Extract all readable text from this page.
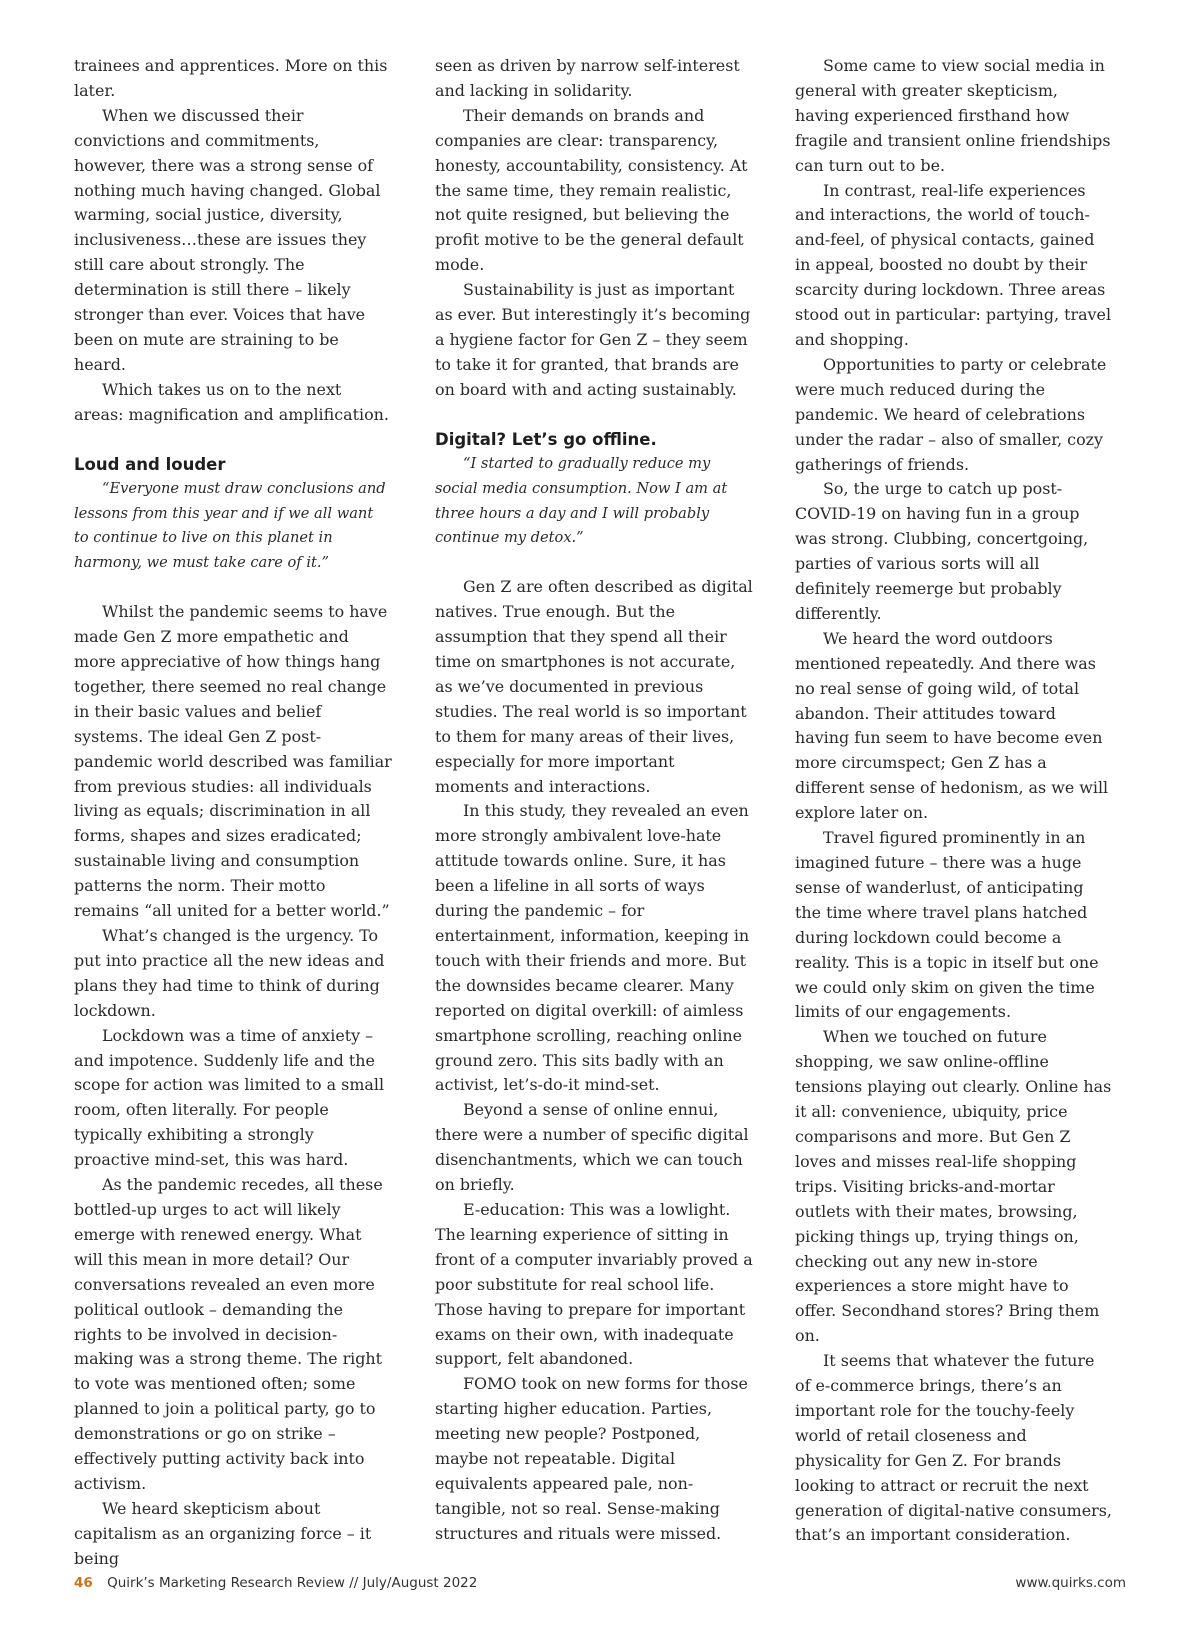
trainees and apprentices. More on this later.

When we discussed their convictions and commitments, however, there was a strong sense of nothing much having changed. Global warming, social justice, diversity, inclusiveness…these are issues they still care about strongly. The determination is still there – likely stronger than ever. Voices that have been on mute are straining to be heard.

Which takes us on to the next areas: magnification and amplification.

Loud and louder

“Everyone must draw conclusions and lessons from this year and if we all want to continue to live on this planet in harmony, we must take care of it.”

Whilst the pandemic seems to have made Gen Z more empathetic and more appreciative of how things hang together, there seemed no real change in their basic values and belief systems. The ideal Gen Z post-pandemic world described was familiar from previous studies: all individuals living as equals; discrimination in all forms, shapes and sizes eradicated; sustainable living and consumption patterns the norm. Their motto remains “all united for a better world.”

What’s changed is the urgency. To put into practice all the new ideas and plans they had time to think of during lockdown.

Lockdown was a time of anxiety – and impotence. Suddenly life and the scope for action was limited to a small room, often literally. For people typically exhibiting a strongly proactive mind-set, this was hard.

As the pandemic recedes, all these bottled-up urges to act will likely emerge with renewed energy. What will this mean in more detail? Our conversations revealed an even more political outlook – demanding the rights to be involved in decision-making was a strong theme. The right to vote was mentioned often; some planned to join a political party, go to demonstrations or go on strike – effectively putting activity back into activism.

We heard skepticism about capitalism as an organizing force – it being

seen as driven by narrow self-interest and lacking in solidarity.

Their demands on brands and companies are clear: transparency, honesty, accountability, consistency. At the same time, they remain realistic, not quite resigned, but believing the profit motive to be the general default mode.

Sustainability is just as important as ever. But interestingly it’s becoming a hygiene factor for Gen Z – they seem to take it for granted, that brands are on board with and acting sustainably.

Digital? Let’s go offline.

“I started to gradually reduce my social media consumption. Now I am at three hours a day and I will probably continue my detox.”

Gen Z are often described as digital natives. True enough. But the assumption that they spend all their time on smartphones is not accurate, as we’ve documented in previous studies. The real world is so important to them for many areas of their lives, especially for more important moments and interactions.

In this study, they revealed an even more strongly ambivalent love-hate attitude towards online. Sure, it has been a lifeline in all sorts of ways during the pandemic – for entertainment, information, keeping in touch with their friends and more. But the downsides became clearer. Many reported on digital overkill: of aimless smartphone scrolling, reaching online ground zero. This sits badly with an activist, let’s-do-it mind-set.

Beyond a sense of online ennui, there were a number of specific digital disenchantments, which we can touch on briefly.

E-education: This was a lowlight. The learning experience of sitting in front of a computer invariably proved a poor substitute for real school life. Those having to prepare for important exams on their own, with inadequate support, felt abandoned.

FOMO took on new forms for those starting higher education. Parties, meeting new people? Postponed, maybe not repeatable. Digital equivalents appeared pale, non-tangible, not so real. Sense-making structures and rituals were missed.

Some came to view social media in general with greater skepticism, having experienced firsthand how fragile and transient online friendships can turn out to be.

In contrast, real-life experiences and interactions, the world of touch-and-feel, of physical contacts, gained in appeal, boosted no doubt by their scarcity during lockdown. Three areas stood out in particular: partying, travel and shopping.

Opportunities to party or celebrate were much reduced during the pandemic. We heard of celebrations under the radar – also of smaller, cozy gatherings of friends.

So, the urge to catch up post-COVID-19 on having fun in a group was strong. Clubbing, concertgoing, parties of various sorts will all definitely reemerge but probably differently.

We heard the word outdoors mentioned repeatedly. And there was no real sense of going wild, of total abandon. Their attitudes toward having fun seem to have become even more circumspect; Gen Z has a different sense of hedonism, as we will explore later on.

Travel figured prominently in an imagined future – there was a huge sense of wanderlust, of anticipating the time where travel plans hatched during lockdown could become a reality. This is a topic in itself but one we could only skim on given the time limits of our engagements.

When we touched on future shopping, we saw online-offline tensions playing out clearly. Online has it all: convenience, ubiquity, price comparisons and more. But Gen Z loves and misses real-life shopping trips. Visiting bricks-and-mortar outlets with their mates, browsing, picking things up, trying things on, checking out any new in-store experiences a store might have to offer. Secondhand stores? Bring them on.

It seems that whatever the future of e-commerce brings, there’s an important role for the touchy-feely world of retail closeness and physicality for Gen Z. For brands looking to attract or recruit the next generation of digital-native consumers, that’s an important consideration.

46 Quirk’s Marketing Research Review // July/August 2022	www.quirks.com
